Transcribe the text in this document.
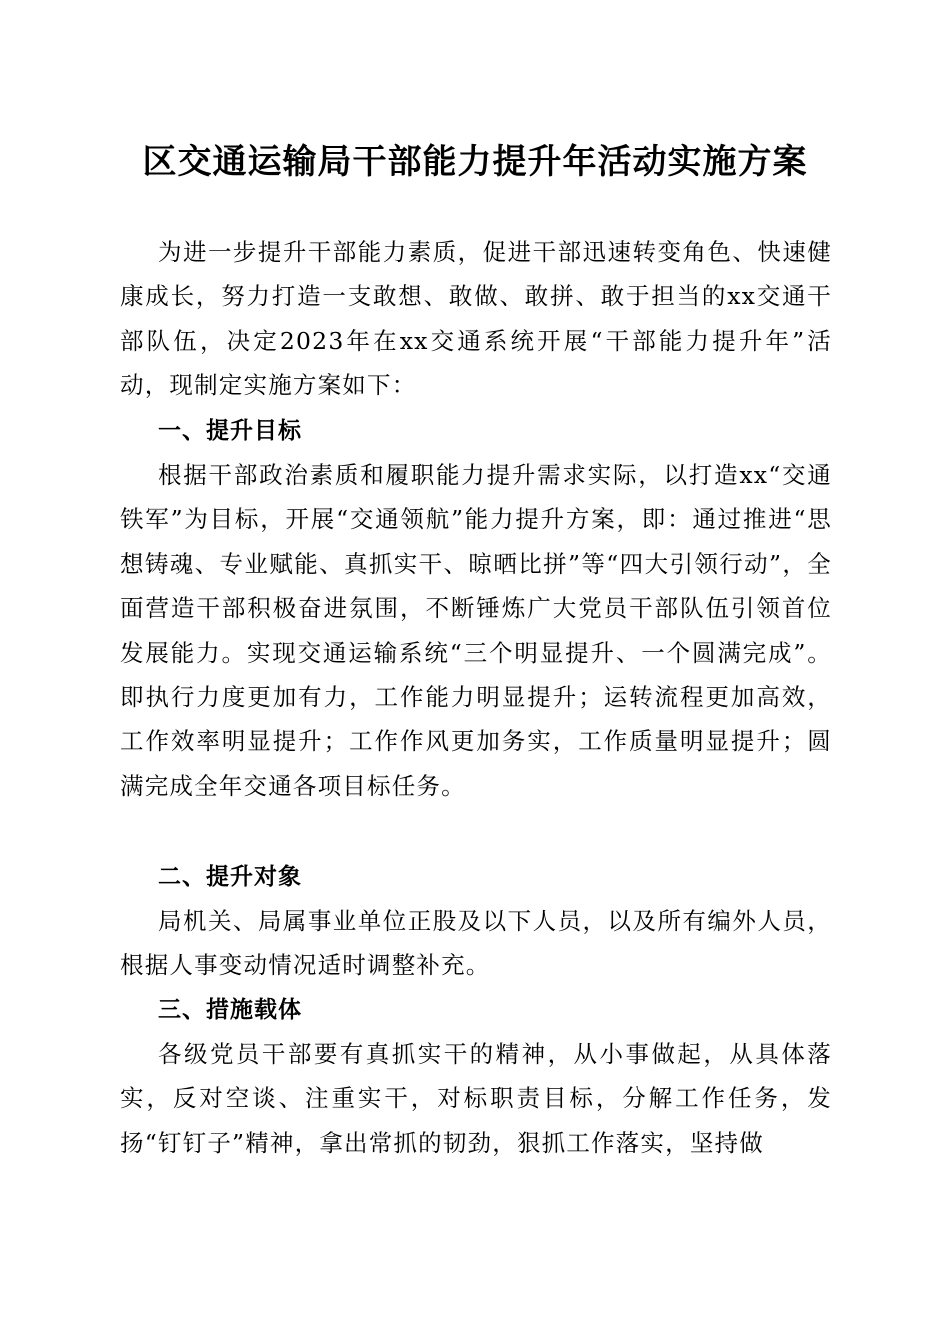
区交通运输局干部能力提升年活动实施方案

为进一步提升干部能力素质，促进干部迅速转变角色、快速健康成长，努力打造一支敢想、敢做、敢拼、敢于担当的xx交通干部队伍，决定2023年在xx交通系统开展“干部能力提升年”活动，现制定实施方案如下：

一、提升目标

根据干部政治素质和履职能力提升需求实际，以打造xx“交通铁军”为目标，开展“交通领航”能力提升方案，即：通过推进“思想铸魂、专业赋能、真抓实干、晾晒比拼”等“四大引领行动”，全面营造干部积极奋进氛围，不断锤炼广大党员干部队伍引领首位发展能力。实现交通运输系统“三个明显提升、一个圆满完成”。即执行力度更加有力，工作能力明显提升；运转流程更加高效，工作效率明显提升；工作作风更加务实，工作质量明显提升；圆满完成全年交通各项目标任务。

二、提升对象

局机关、局属事业单位正股及以下人员，以及所有编外人员，根据人事变动情况适时调整补充。

三、措施载体

各级党员干部要有真抓实干的精神，从小事做起，从具体落实，反对空谈、注重实干，对标职责目标，分解工作任务，发扬“钉钉子”精神，拿出常抓的韧劲，狠抓工作落实，坚持做
